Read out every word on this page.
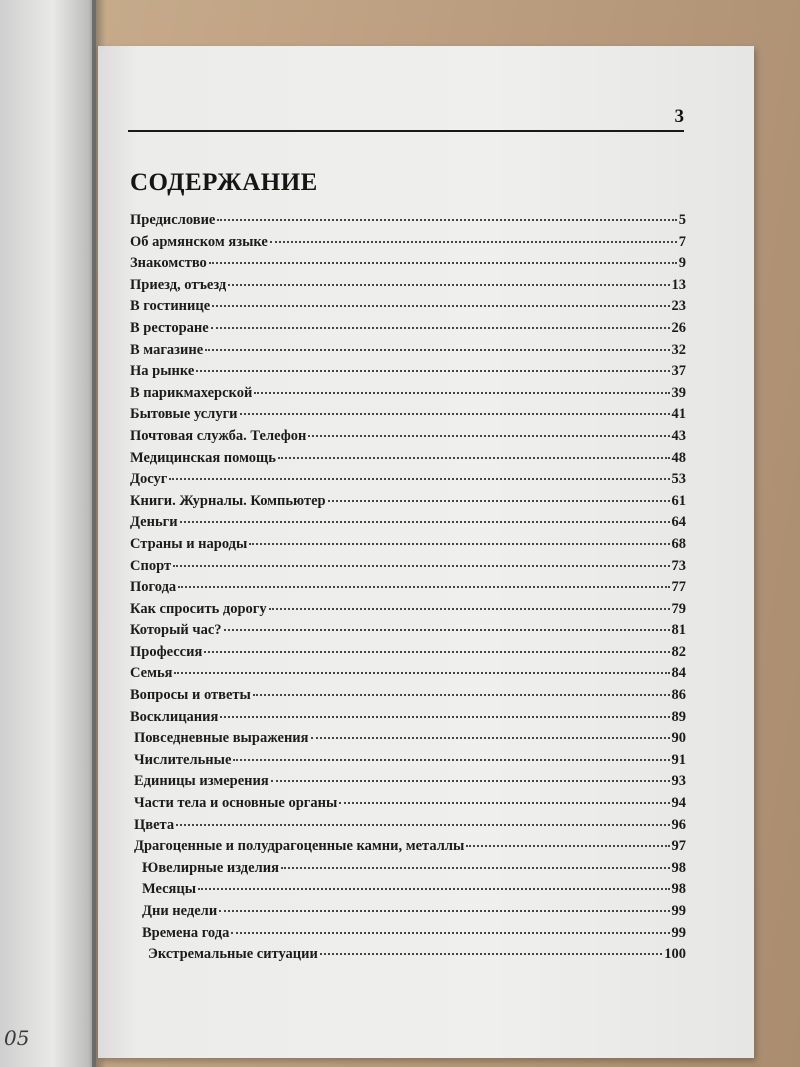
05
3
СОДЕРЖАНИЕ
Предисловие	5
Об армянском языке	7
Знакомство	9
Приезд, отъезд	13
В гостинице	23
В ресторане	26
В магазине	32
На рынке	37
В парикмахерской	39
Бытовые услуги	41
Почтовая служба. Телефон	43
Медицинская помощь	48
Досуг	53
Книги. Журналы. Компьютер	61
Деньги	64
Страны и народы	68
Спорт	73
Погода	77
Как спросить дорогу	79
Который час?	81
Профессия	82
Семья	84
Вопросы и ответы	86
Восклицания	89
Повседневные выражения	90
Числительные	91
Единицы измерения	93
Части тела и основные органы	94
Цвета	96
Драгоценные и полудрагоценные камни, металлы	97
Ювелирные изделия	98
Месяцы	98
Дни недели	99
Времена года	99
Экстремальные ситуации	100
